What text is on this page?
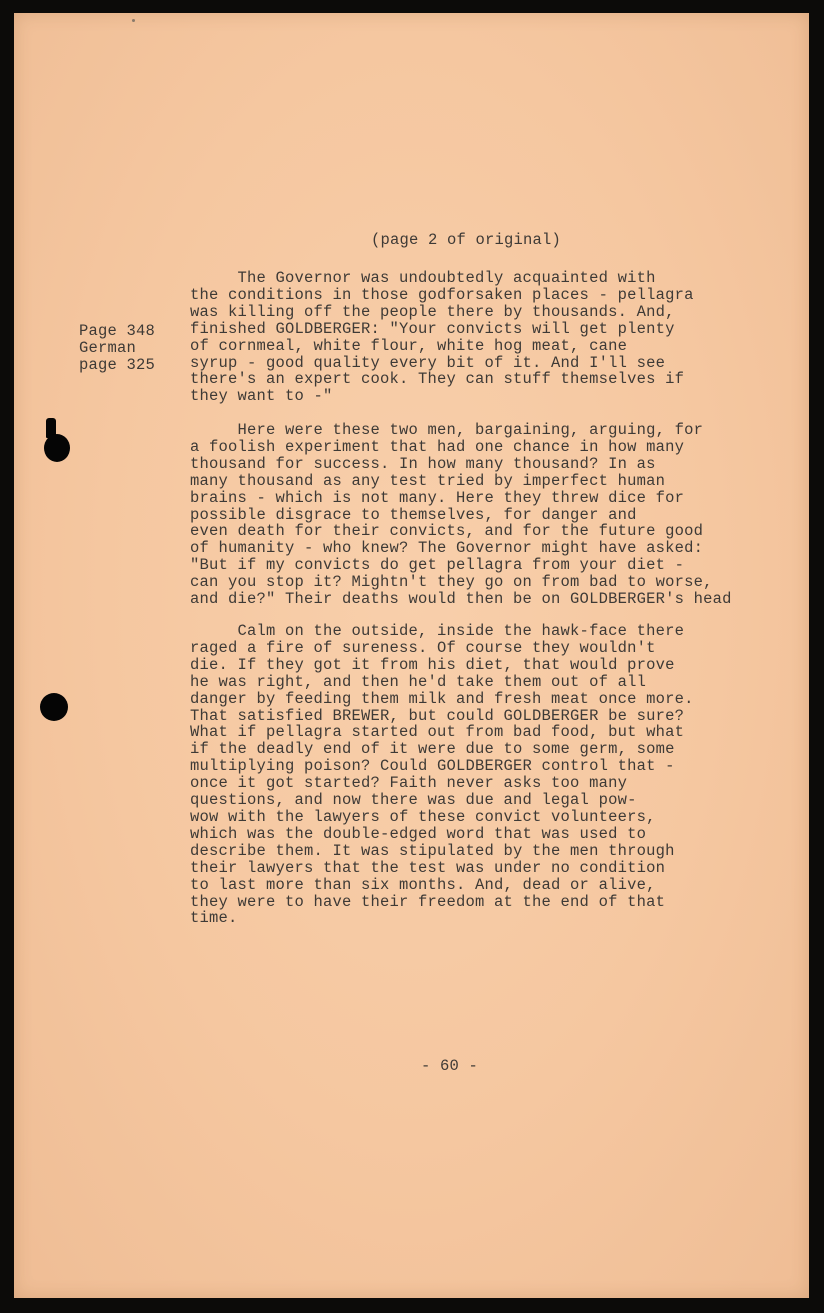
(page 2 of original)
Page 348
German
page 325
The Governor was undoubtedly acquainted with
the conditions in those godforsaken places - pellagra
was killing off the people there by thousands. And,
finished GOLDBERGER: "Your convicts will get plenty
of cornmeal, white flour, white hog meat, cane
syrup - good quality every bit of it. And I'll see
there's an expert cook. They can stuff themselves if
they want to -"
Here were these two men, bargaining, arguing, for
a foolish experiment that had one chance in how many
thousand for success. In how many thousand? In as
many thousand as any test tried by imperfect human
brains - which is not many. Here they threw dice for
possible disgrace to themselves, for danger and
even death for their convicts, and for the future good
of humanity - who knew? The Governor might have asked:
"But if my convicts do get pellagra from your diet -
can you stop it? Mightn't they go on from bad to worse,
and die?" Their deaths would then be on GOLDBERGER's head
Calm on the outside, inside the hawk-face there
raged a fire of sureness. Of course they wouldn't
die. If they got it from his diet, that would prove
he was right, and then he'd take them out of all
danger by feeding them milk and fresh meat once more.
That satisfied BREWER, but could GOLDBERGER be sure?
What if pellagra started out from bad food, but what
if the deadly end of it were due to some germ, some
multiplying poison? Could GOLDBERGER control that -
once it got started? Faith never asks too many
questions, and now there was due and legal pow-
wow with the lawyers of these convict volunteers,
which was the double-edged word that was used to
describe them. It was stipulated by the men through
their lawyers that the test was under no condition
to last more than six months. And, dead or alive,
they were to have their freedom at the end of that
time.
- 60 -
